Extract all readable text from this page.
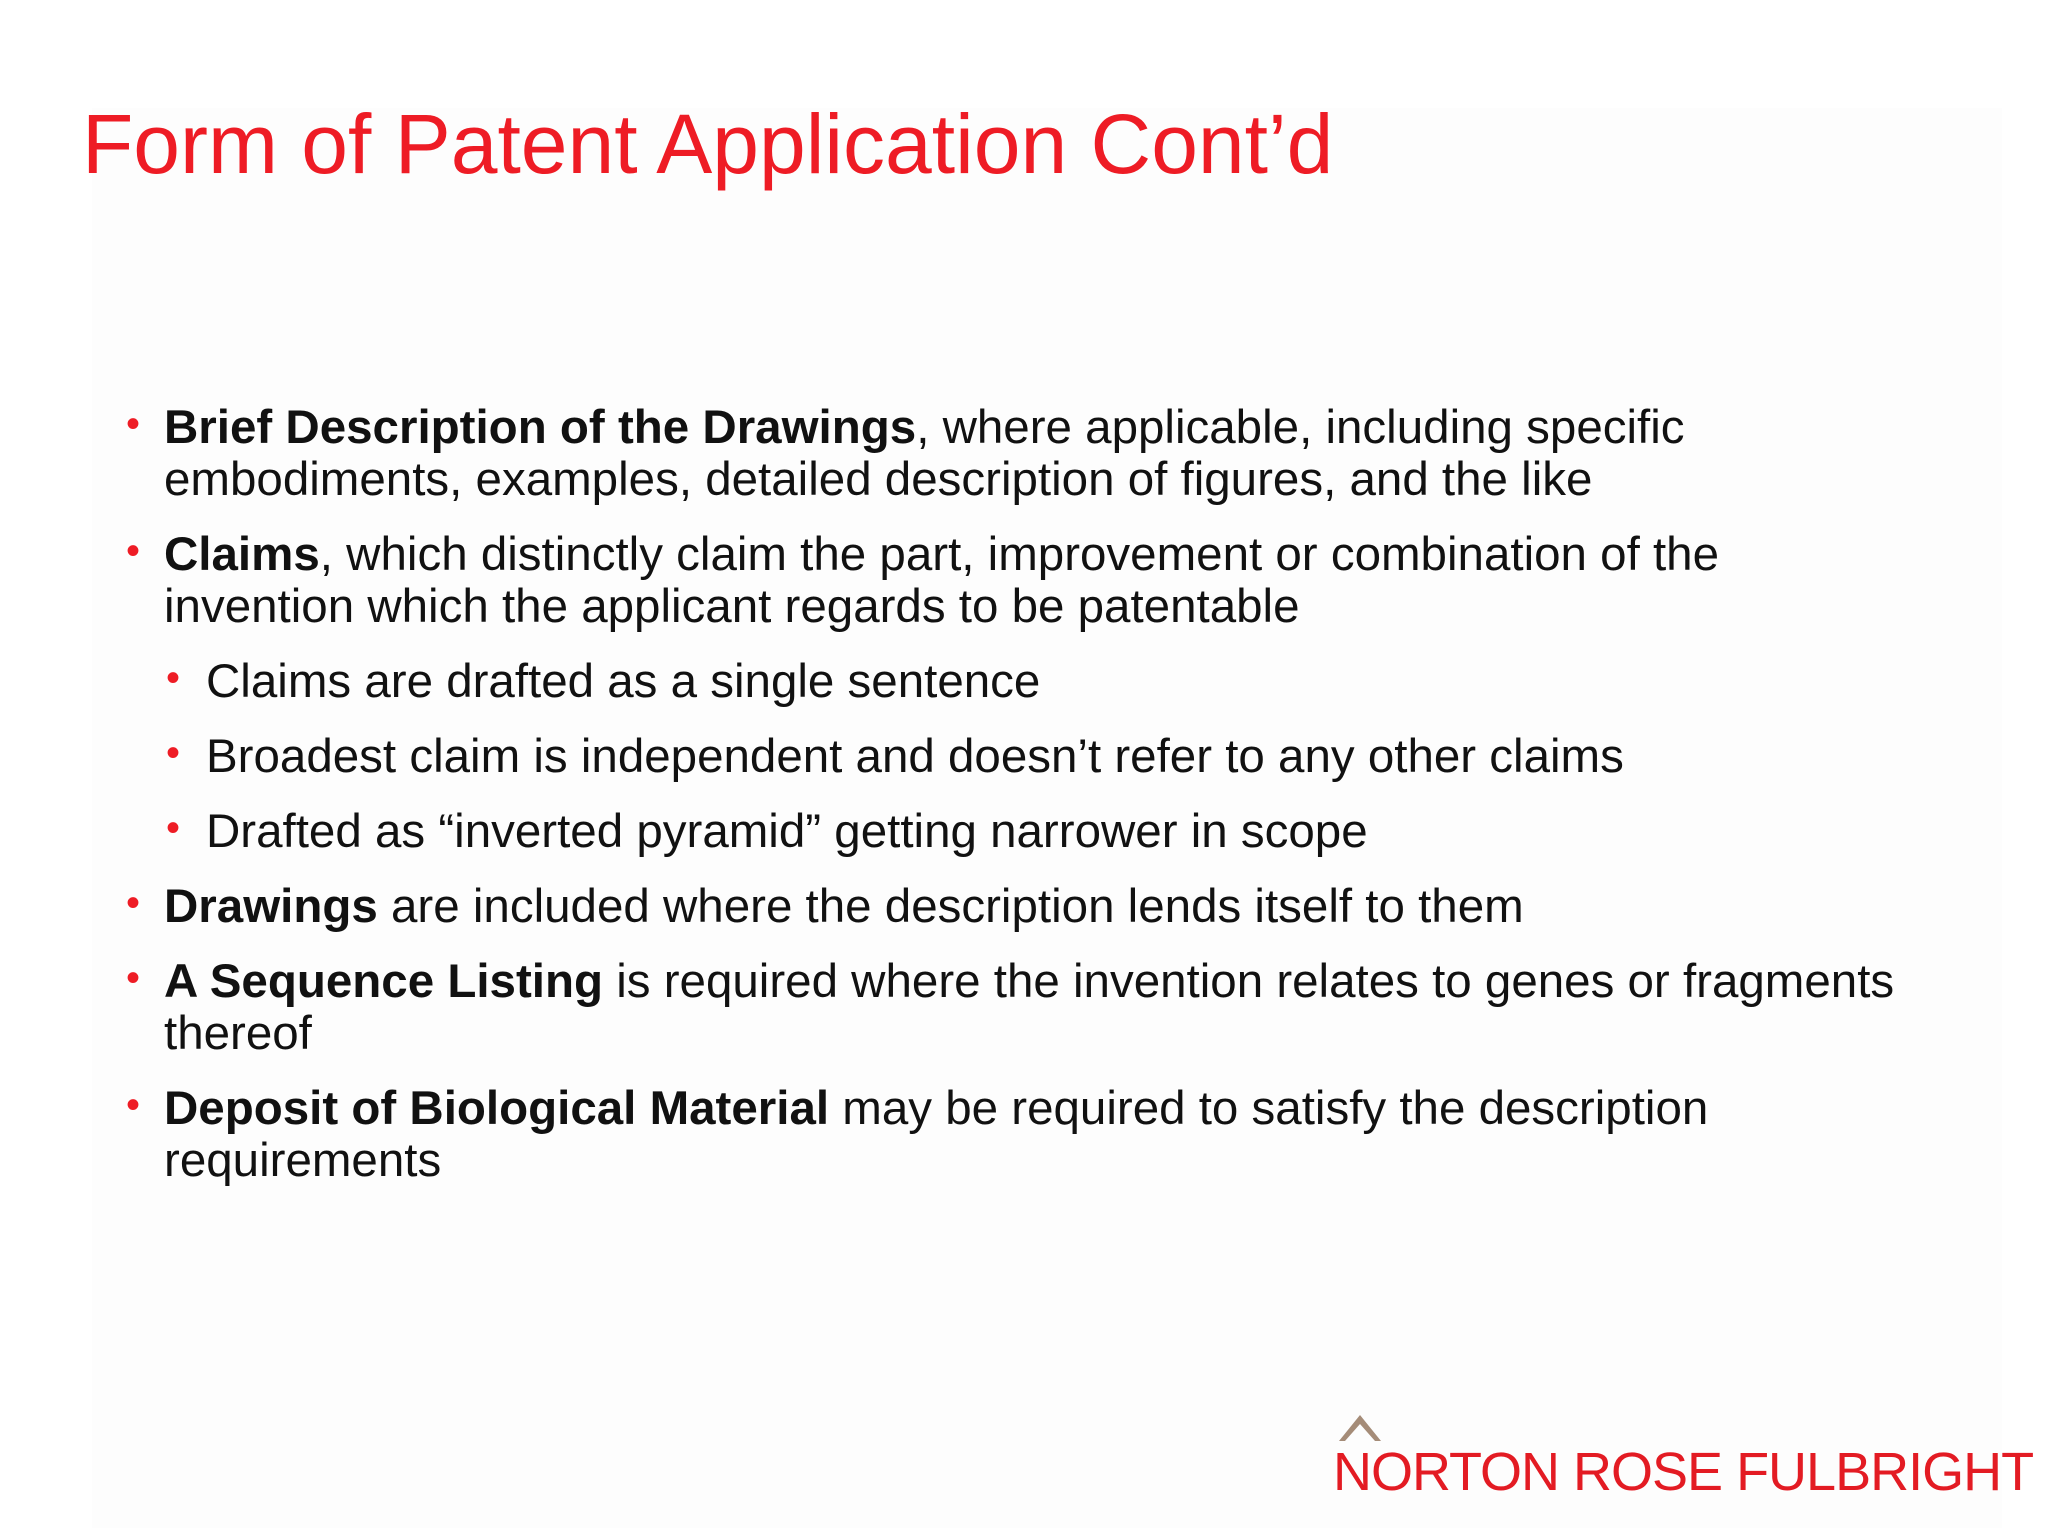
Form of Patent Application Cont’d
• Brief Description of the Drawings, where applicable, including specific embodiments, examples, detailed description of figures, and the like
• Claims, which distinctly claim the part, improvement or combination of the invention which the applicant regards to be patentable
• Claims are drafted as a single sentence
• Broadest claim is independent and doesn’t refer to any other claims
• Drafted as “inverted pyramid” getting narrower in scope
• Drawings are included where the description lends itself to them
• A Sequence Listing is required where the invention relates to genes or fragments thereof
• Deposit of Biological Material may be required to satisfy the description requirements
NORTON ROSE FULBRIGHT
